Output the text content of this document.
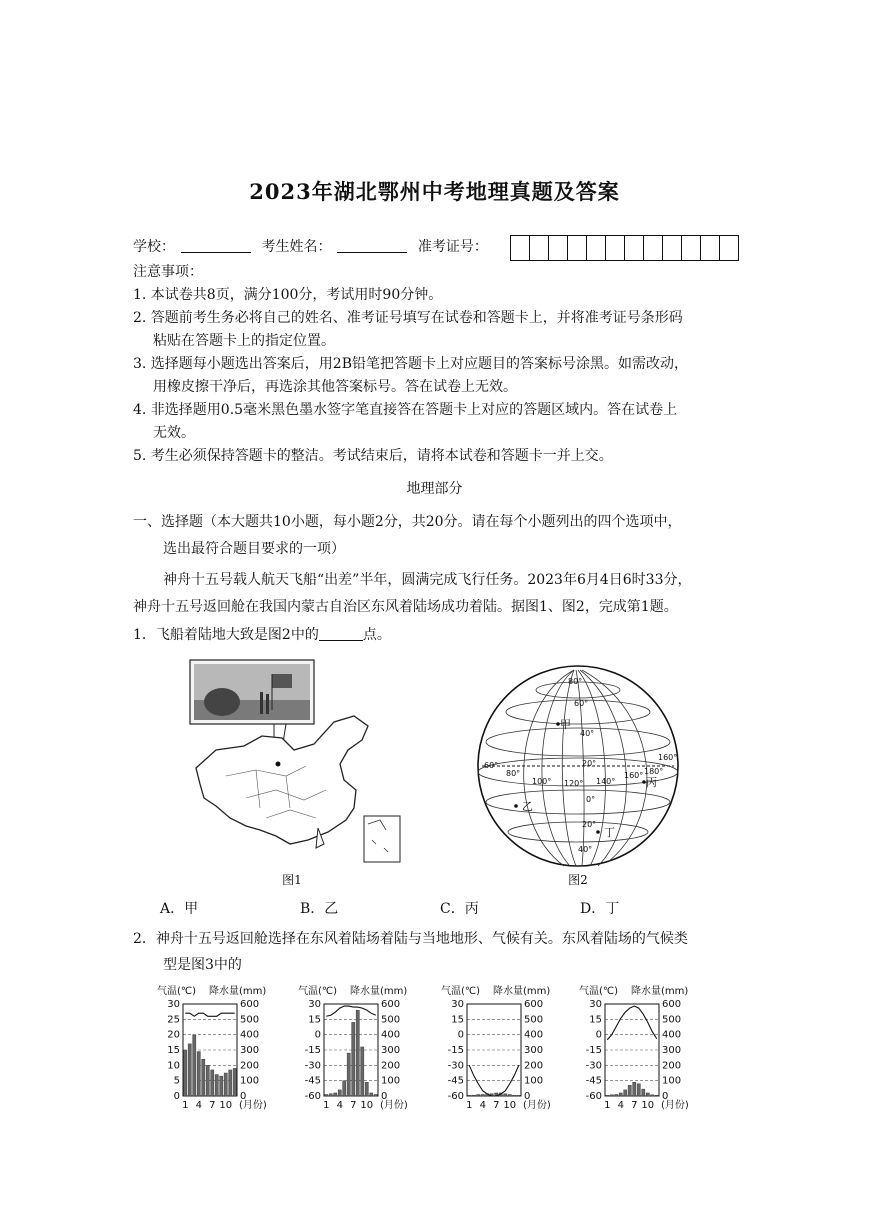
2023年湖北鄂州中考地理真题及答案
学校：	考生姓名：	准考证号：
注意事项：
1. 本试卷共8页，满分100分，考试用时90分钟。
2. 答题前考生务必将自己的姓名、准考证号填写在试卷和答题卡上，并将准考证号条形码
粘贴在答题卡上的指定位置。
3. 选择题每小题选出答案后，用2B铅笔把答题卡上对应题目的答案标号涂黑。如需改动，
用橡皮擦干净后，再选涂其他答案标号。答在试卷上无效。
4. 非选择题用0.5毫米黑色墨水签字笔直接答在答题卡上对应的答题区域内。答在试卷上
无效。
5. 考生必须保持答题卡的整洁。考试结束后，请将本试卷和答题卡一并上交。
地理部分
一、选择题（本大题共10小题，每小题2分，共20分。请在每个小题列出的四个选项中，
选出最符合题目要求的一项）
神舟十五号载人航天飞船“出差”半年，圆满完成飞行任务。2023年6月4日6时33分，
神舟十五号返回舱在我国内蒙古自治区东风着陆场成功着陆。据图1、图2，完成第1题。
1．飞船着陆地大致是图2中的	点。
图1
80°
60°
40°
20°
0°
20°
40°
60°
80°
100° 120° 140°
160° 180°
160°
甲
乙
丙
丁
图2
A．甲	B．乙	C．丙	D．丁
2．神舟十五号返回舱选择在东风着陆场着陆与当地地形、气候有关。东风着陆场的气候类
型是图3中的
气温(℃) 降水量(mm)
30	600
25	500
20	400
15	300
10	200
5	100
0	0
1 4 7 10 (月份)
气温(℃) 降水量(mm)
30	600
15	500
0	400
-15	300
-30	200
-45	100
-60	0
1 4 7 10 (月份)
气温(℃) 降水量(mm)
30	600
15	500
0	400
-15	300
-30	200
-45	100
-60	0
1 4 7 10 (月份)
气温(℃) 降水量(mm)
30	600
15	500
0	400
-15	300
-30	200
-45	100
-60	0
1 4 7 10 (月份)
